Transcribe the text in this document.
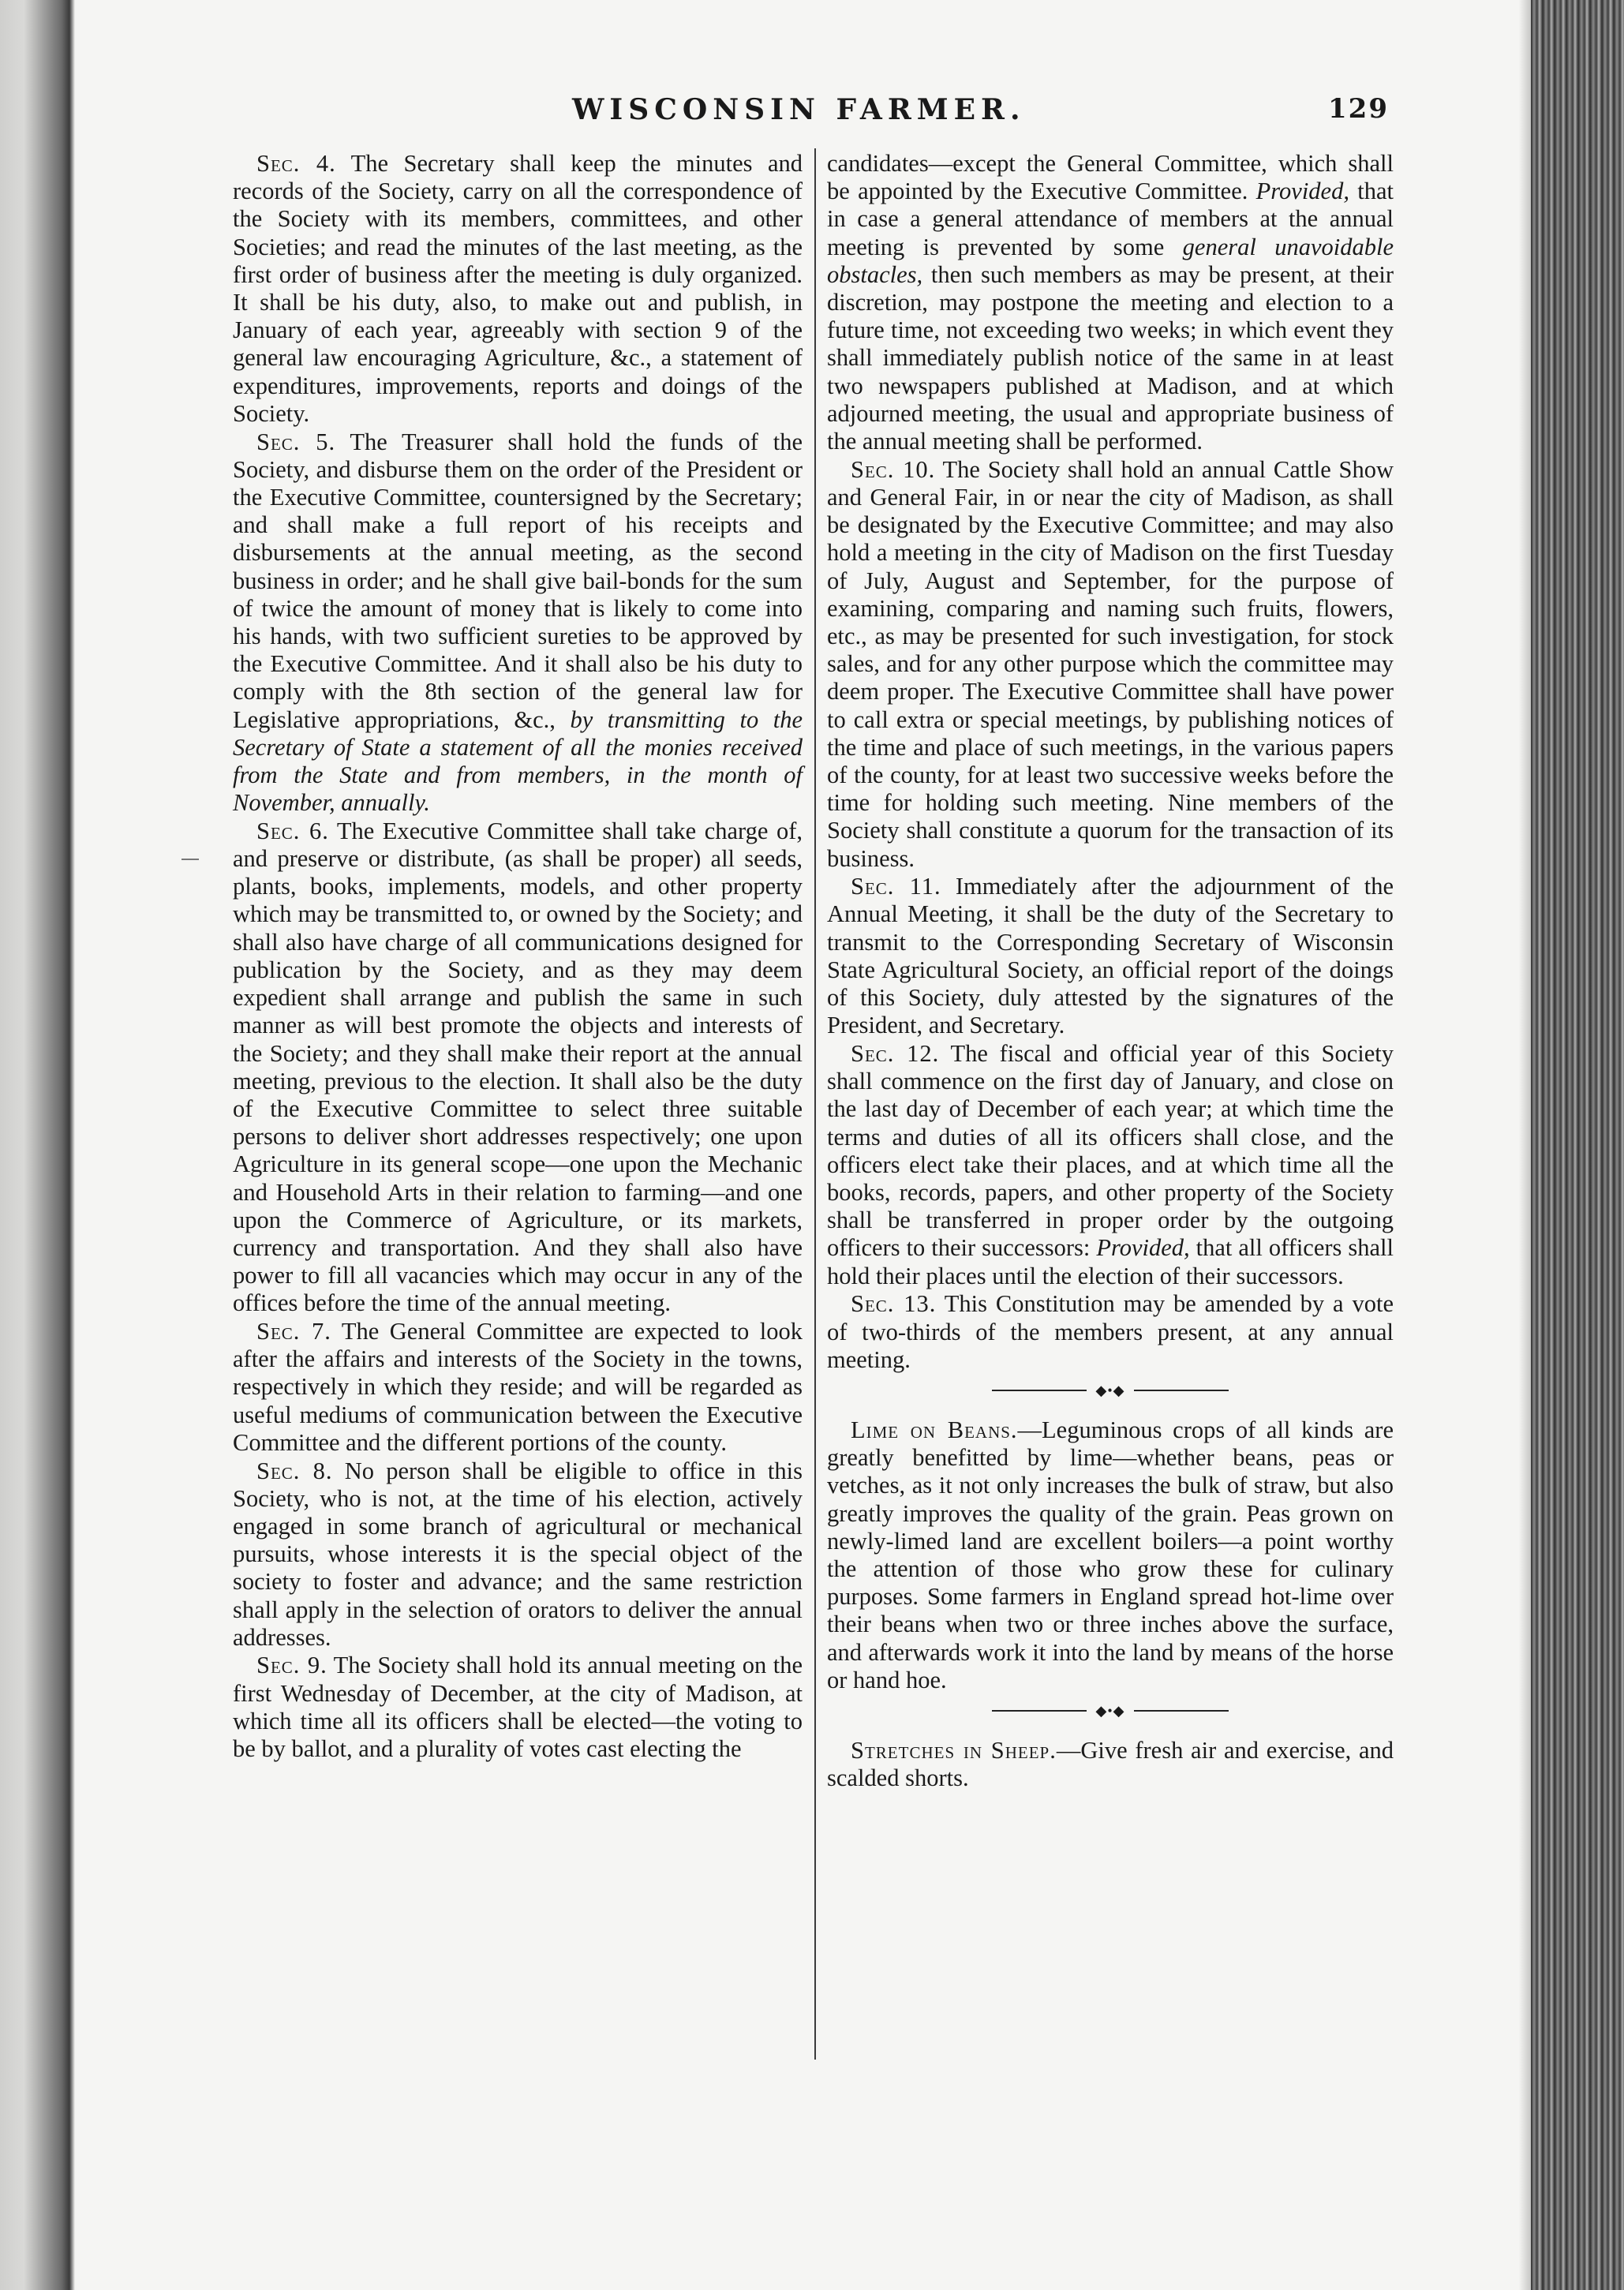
WISCONSIN FARMER.	129

Sec. 4. The Secretary shall keep the minutes and records of the Society, carry on all the correspondence of the Society with its members, committees, and other Societies; and read the minutes of the last meeting, as the first order of business after the meeting is duly organized. It shall be his duty, also, to make out and publish, in January of each year, agreeably with section 9 of the general law encouraging Agriculture, &c., a statement of expenditures, improvements, reports and doings of the Society.

Sec. 5. The Treasurer shall hold the funds of the Society, and disburse them on the order of the President or the Executive Committee, countersigned by the Secretary; and shall make a full report of his receipts and disbursements at the annual meeting, as the second business in order; and he shall give bail-bonds for the sum of twice the amount of money that is likely to come into his hands, with two sufficient sureties to be approved by the Executive Committee. And it shall also be his duty to comply with the 8th section of the general law for Legislative appropriations, &c., by transmitting to the Secretary of State a statement of all the monies received from the State and from members, in the month of November, annually.

Sec. 6. The Executive Committee shall take charge of, and preserve or distribute, (as shall be proper) all seeds, plants, books, implements, models, and other property which may be transmitted to, or owned by the Society; and shall also have charge of all communications designed for publication by the Society, and as they may deem expedient shall arrange and publish the same in such manner as will best promote the objects and interests of the Society; and they shall make their report at the annual meeting, previous to the election. It shall also be the duty of the Executive Committee to select three suitable persons to deliver short addresses respectively; one upon Agriculture in its general scope—one upon the Mechanic and Household Arts in their relation to farming—and one upon the Commerce of Agriculture, or its markets, currency and transportation. And they shall also have power to fill all vacancies which may occur in any of the offices before the time of the annual meeting.

Sec. 7. The General Committee are expected to look after the affairs and interests of the Society in the towns, respectively in which they reside; and will be regarded as useful mediums of communication between the Executive Committee and the different portions of the county.

Sec. 8. No person shall be eligible to office in this Society, who is not, at the time of his election, actively engaged in some branch of agricultural or mechanical pursuits, whose interests it is the special object of the society to foster and advance; and the same restriction shall apply in the selection of orators to deliver the annual addresses.

Sec. 9. The Society shall hold its annual meeting on the first Wednesday of December, at the city of Madison, at which time all its officers shall be elected—the voting to be by ballot, and a plurality of votes cast electing the

candidates—except the General Committee, which shall be appointed by the Executive Committee. Provided, that in case a general attendance of members at the annual meeting is prevented by some general unavoidable obstacles, then such members as may be present, at their discretion, may postpone the meeting and election to a future time, not exceeding two weeks; in which event they shall immediately publish notice of the same in at least two newspapers published at Madison, and at which adjourned meeting, the usual and appropriate business of the annual meeting shall be performed.

Sec. 10. The Society shall hold an annual Cattle Show and General Fair, in or near the city of Madison, as shall be designated by the Executive Committee; and may also hold a meeting in the city of Madison on the first Tuesday of July, August and September, for the purpose of examining, comparing and naming such fruits, flowers, etc., as may be presented for such investigation, for stock sales, and for any other purpose which the committee may deem proper. The Executive Committee shall have power to call extra or special meetings, by publishing notices of the time and place of such meetings, in the various papers of the county, for at least two successive weeks before the time for holding such meeting. Nine members of the Society shall constitute a quorum for the transaction of its business.

Sec. 11. Immediately after the adjournment of the Annual Meeting, it shall be the duty of the Secretary to transmit to the Corresponding Secretary of Wisconsin State Agricultural Society, an official report of the doings of this Society, duly attested by the signatures of the President, and Secretary.

Sec. 12. The fiscal and official year of this Society shall commence on the first day of January, and close on the last day of December of each year; at which time the terms and duties of all its officers shall close, and the officers elect take their places, and at which time all the books, records, papers, and other property of the Society shall be transferred in proper order by the outgoing officers to their successors: Provided, that all officers shall hold their places until the election of their successors.

Sec. 13. This Constitution may be amended by a vote of two-thirds of the members present, at any annual meeting.

◆•◆

Lime on Beans.—Leguminous crops of all kinds are greatly benefitted by lime—whether beans, peas or vetches, as it not only increases the bulk of straw, but also greatly improves the quality of the grain. Peas grown on newly-limed land are excellent boilers—a point worthy the attention of those who grow these for culinary purposes. Some farmers in England spread hot-lime over their beans when two or three inches above the surface, and afterwards work it into the land by means of the horse or hand hoe.

◆•◆

Stretches in Sheep.—Give fresh air and exercise, and scalded shorts.
